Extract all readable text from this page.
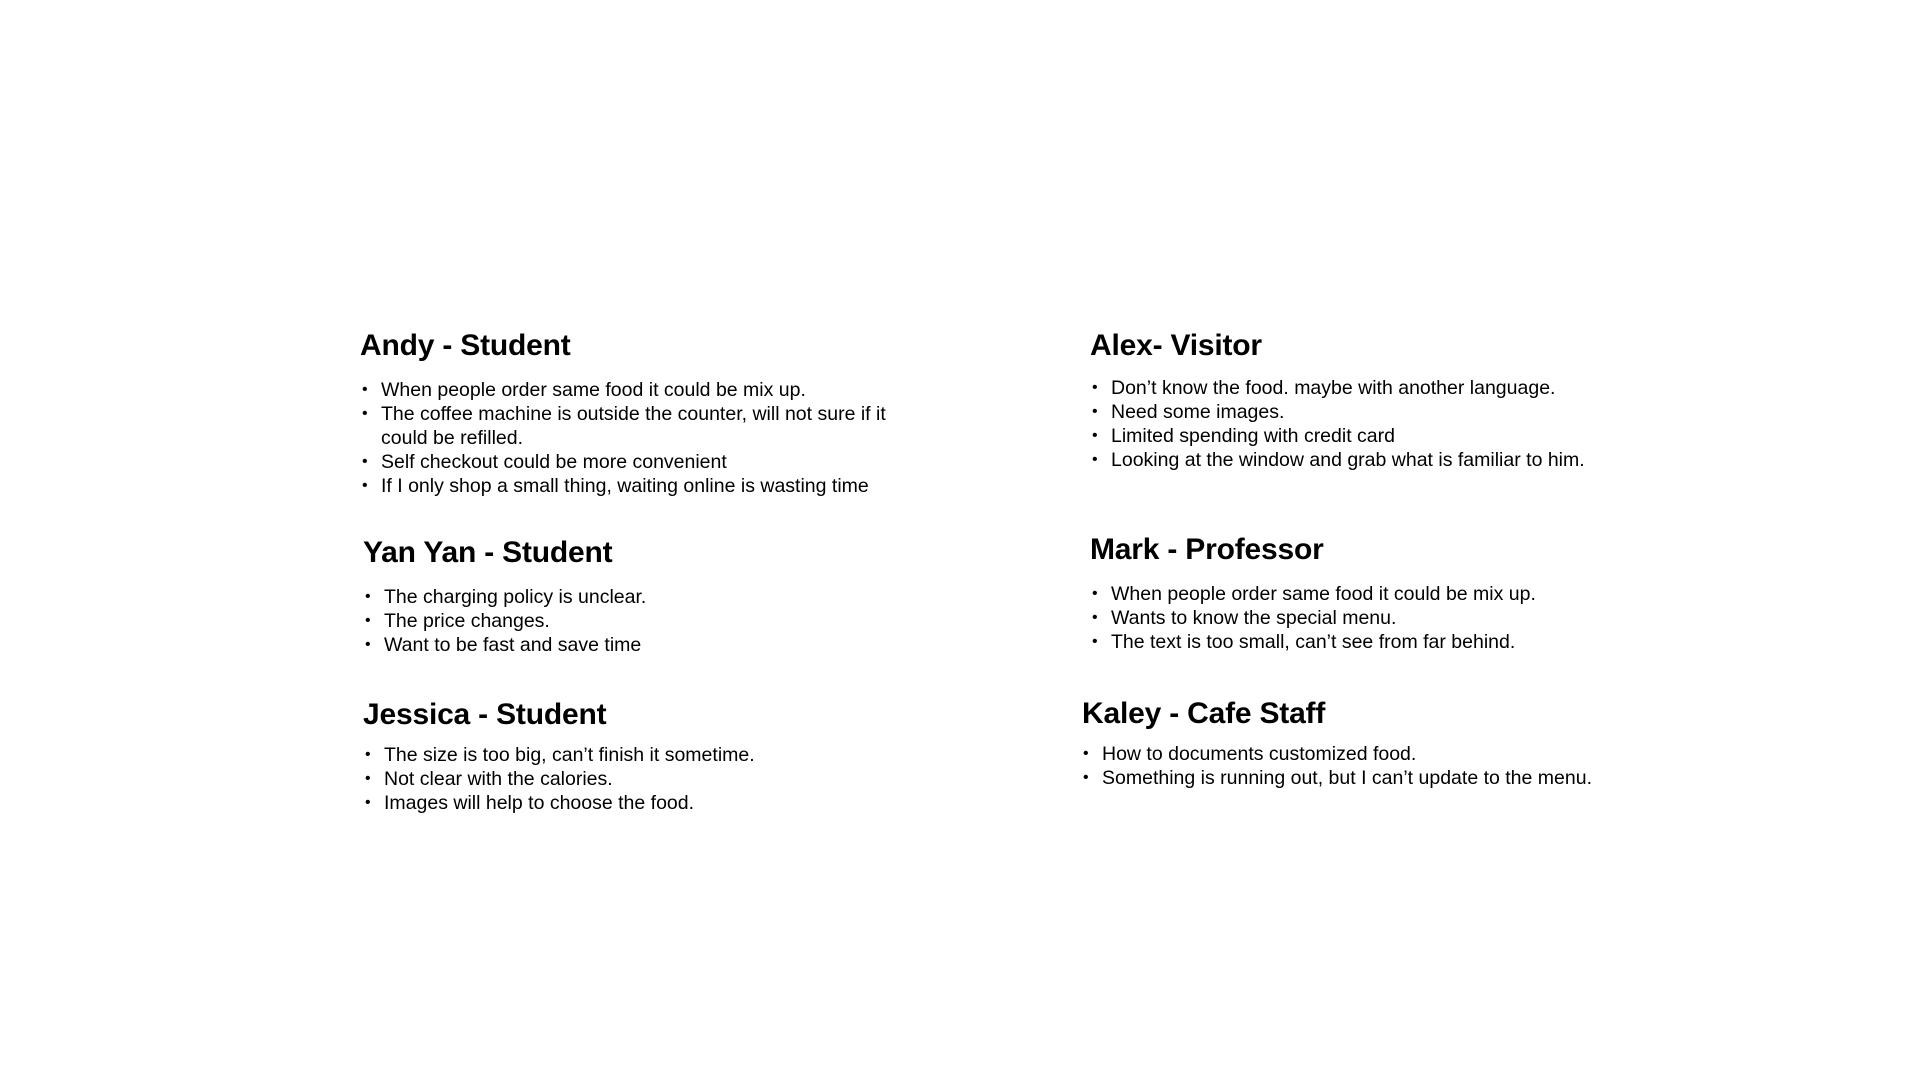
Andy - Student
• When people order same food it could be mix up.
• The coffee machine is outside the counter, will not sure if it could be refilled.
• Self checkout could be more convenient
• If I only shop a small thing, waiting online is wasting time
Yan Yan - Student
• The charging policy is unclear.
• The price changes.
• Want to be fast and save time
Jessica - Student
• The size is too big, can’t finish it sometime.
• Not clear with the calories.
• Images will help to choose the food.
Alex- Visitor
• Don’t know the food. maybe with another language.
• Need some images.
• Limited spending with credit card
• Looking at the window and grab what is familiar to him.
Mark - Professor
• When people order same food it could be mix up.
• Wants to know the special menu.
• The text is too small, can’t see from far behind.
Kaley - Cafe Staff
• How to documents customized food.
• Something is running out, but I can’t update to the menu.
